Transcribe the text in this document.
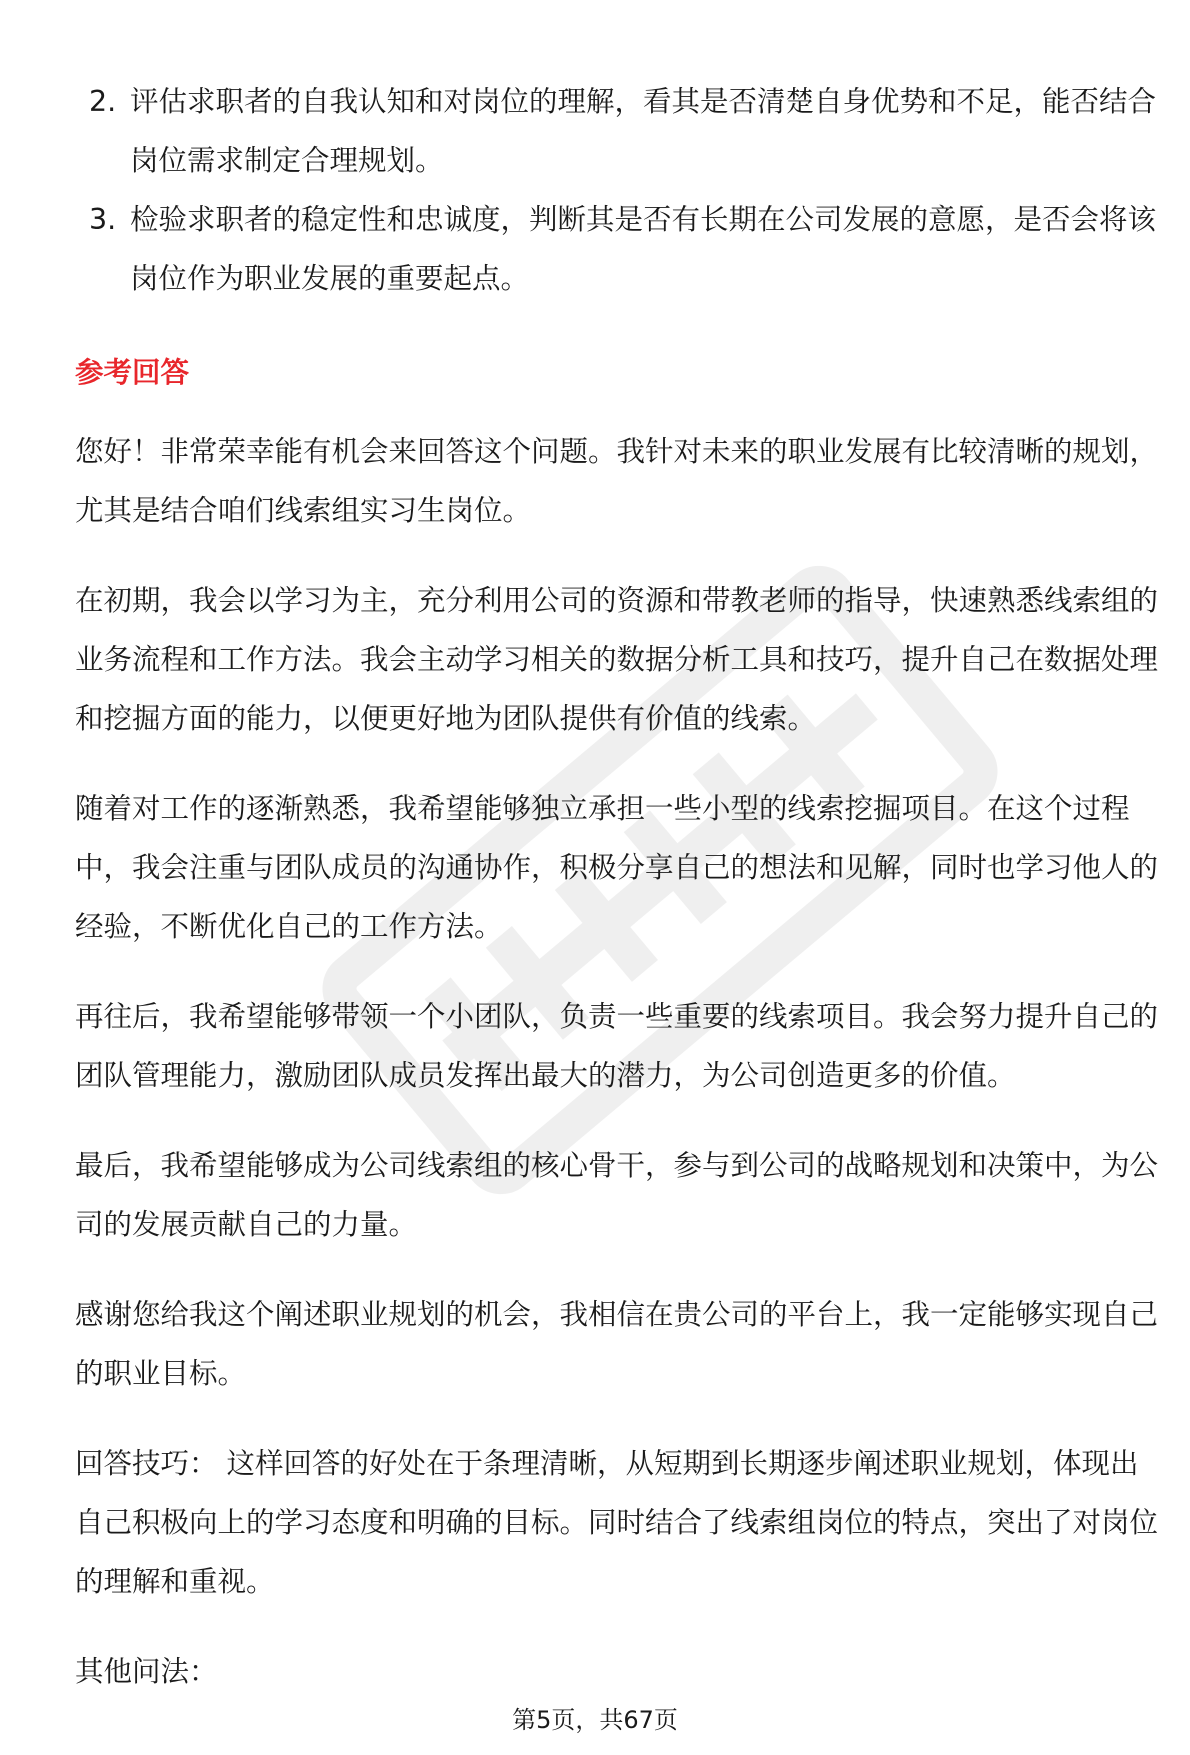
2. 评估求职者的自我认知和对岗位的理解，看其是否清楚自身优势和不足，能否结合岗位需求制定合理规划。
3. 检验求职者的稳定性和忠诚度，判断其是否有长期在公司发展的意愿，是否会将该岗位作为职业发展的重要起点。
参考回答

您好！非常荣幸能有机会来回答这个问题。我针对未来的职业发展有比较清晰的规划，尤其是结合咱们线索组实习生岗位。

在初期，我会以学习为主，充分利用公司的资源和带教老师的指导，快速熟悉线索组的业务流程和工作方法。我会主动学习相关的数据分析工具和技巧，提升自己在数据处理和挖掘方面的能力，以便更好地为团队提供有价值的线索。

随着对工作的逐渐熟悉，我希望能够独立承担一些小型的线索挖掘项目。在这个过程中，我会注重与团队成员的沟通协作，积极分享自己的想法和见解，同时也学习他人的经验，不断优化自己的工作方法。

再往后，我希望能够带领一个小团队，负责一些重要的线索项目。我会努力提升自己的团队管理能力，激励团队成员发挥出最大的潜力，为公司创造更多的价值。

最后，我希望能够成为公司线索组的核心骨干，参与到公司的战略规划和决策中，为公司的发展贡献自己的力量。

感谢您给我这个阐述职业规划的机会，我相信在贵公司的平台上，我一定能够实现自己的职业目标。

回答技巧： 这样回答的好处在于条理清晰，从短期到长期逐步阐述职业规划，体现出自己积极向上的学习态度和明确的目标。同时结合了线索组岗位的特点，突出了对岗位的理解和重视。

其他问法：

第5页，共67页
